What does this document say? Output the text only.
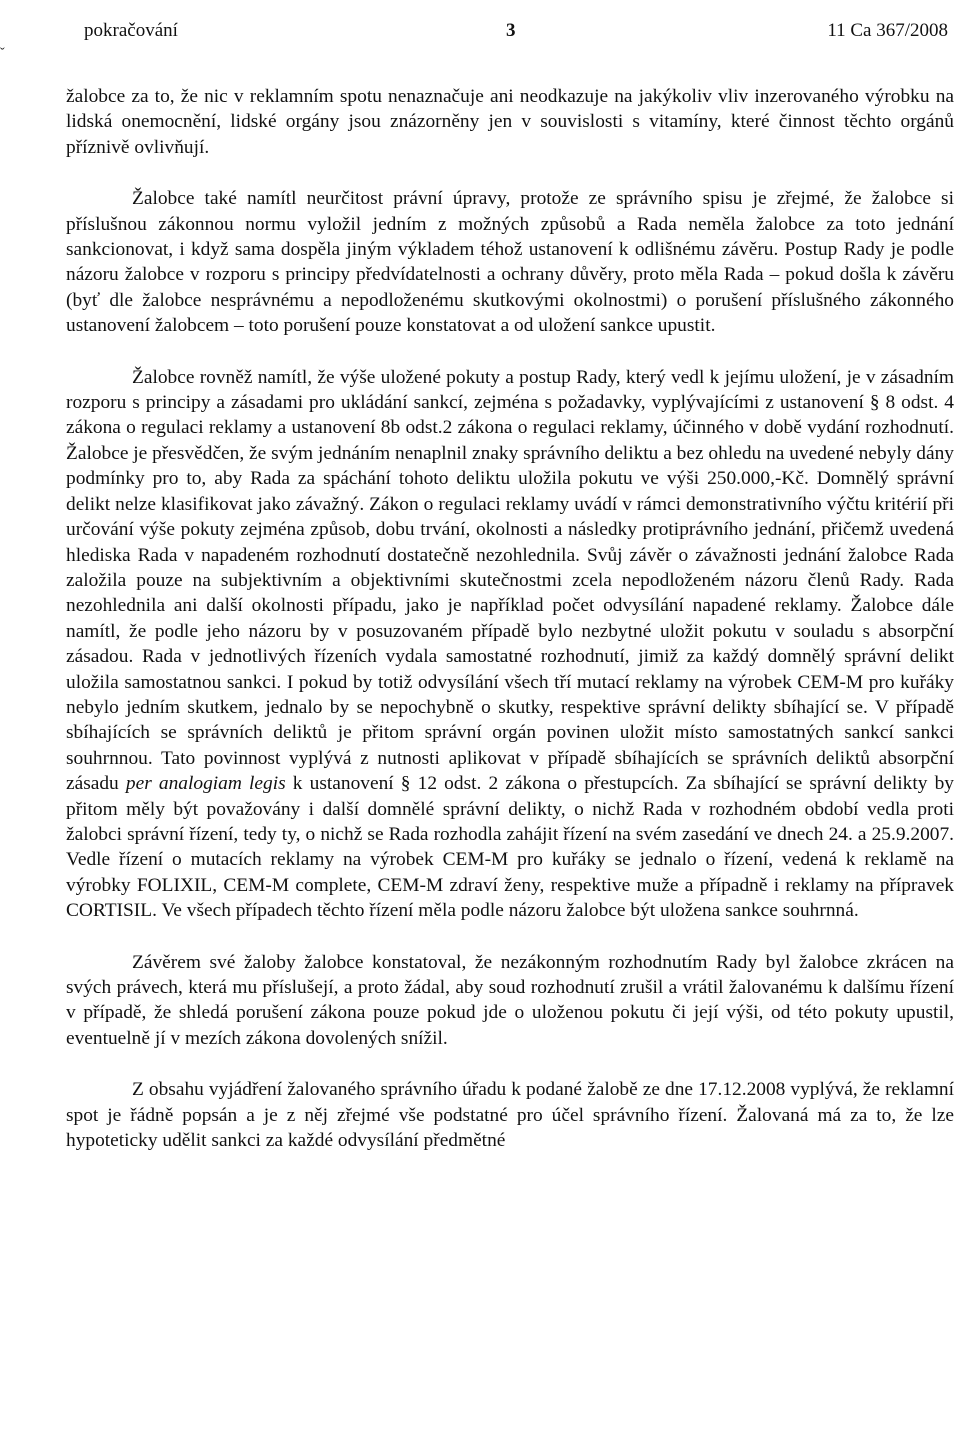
ˇ
pokračování	3	11 Ca 367/2008

žalobce za to, že nic v reklamním spotu nenaznačuje ani neodkazuje na jakýkoliv vliv inzerovaného výrobku na lidská onemocnění, lidské orgány jsou znázorněny jen v souvislosti s vitamíny, které činnost těchto orgánů příznivě ovlivňují.

Žalobce také namítl neurčitost právní úpravy, protože ze správního spisu je zřejmé, že žalobce si příslušnou zákonnou normu vyložil jedním z možných způsobů a Rada neměla žalobce za toto jednání sankcionovat, i když sama dospěla jiným výkladem téhož ustanovení k odlišnému závěru. Postup Rady je podle názoru žalobce v rozporu s principy předvídatelnosti a ochrany důvěry, proto měla Rada – pokud došla k závěru (byť dle žalobce nesprávnému a nepodloženému skutkovými okolnostmi) o porušení příslušného zákonného ustanovení žalobcem – toto porušení pouze konstatovat a od uložení sankce upustit.

Žalobce rovněž namítl, že výše uložené pokuty a postup Rady, který vedl k jejímu uložení, je v zásadním rozporu s principy a zásadami pro ukládání sankcí, zejména s požadavky, vyplývajícími z ustanovení § 8 odst. 4 zákona o regulaci reklamy a ustanovení 8b odst.2 zákona o regulaci reklamy, účinného v době vydání rozhodnutí. Žalobce je přesvědčen, že svým jednáním nenaplnil znaky správního deliktu a bez ohledu na uvedené nebyly dány podmínky pro to, aby Rada za spáchání tohoto deliktu uložila pokutu ve výši 250.000,-Kč. Domnělý správní delikt nelze klasifikovat jako závažný. Zákon o regulaci reklamy uvádí v rámci demonstrativního výčtu kritérií při určování výše pokuty zejména způsob, dobu trvání, okolnosti a následky protiprávního jednání, přičemž uvedená hlediska Rada v napadeném rozhodnutí dostatečně nezohlednila. Svůj závěr o závažnosti jednání žalobce Rada založila pouze na subjektivním a objektivními skutečnostmi zcela nepodloženém názoru členů Rady. Rada nezohlednila ani další okolnosti případu, jako je například počet odvysílání napadené reklamy. Žalobce dále namítl, že podle jeho názoru by v posuzovaném případě bylo nezbytné uložit pokutu v souladu s absorpční zásadou. Rada v jednotlivých řízeních vydala samostatné rozhodnutí, jimiž za každý domnělý správní delikt uložila samostatnou sankci. I pokud by totiž odvysílání všech tří mutací reklamy na výrobek CEM-M pro kuřáky nebylo jedním skutkem, jednalo by se nepochybně o skutky, respektive správní delikty sbíhající se. V případě sbíhajících se správních deliktů je přitom správní orgán povinen uložit místo samostatných sankcí sankci souhrnnou. Tato povinnost vyplývá z nutnosti aplikovat v případě sbíhajících se správních deliktů absorpční zásadu per analogiam legis k ustanovení § 12 odst. 2 zákona o přestupcích. Za sbíhající se správní delikty by přitom měly být považovány i další domnělé správní delikty, o nichž Rada v rozhodném období vedla proti žalobci správní řízení, tedy ty, o nichž se Rada rozhodla zahájit řízení na svém zasedání ve dnech 24. a 25.9.2007. Vedle řízení o mutacích reklamy na výrobek CEM-M pro kuřáky se jednalo o řízení, vedená k reklamě na výrobky FOLIXIL, CEM-M complete, CEM-M zdraví ženy, respektive muže a případně i reklamy na přípravek CORTISIL. Ve všech případech těchto řízení měla podle názoru žalobce být uložena sankce souhrnná.

Závěrem své žaloby žalobce konstatoval, že nezákonným rozhodnutím Rady byl žalobce zkrácen na svých právech, která mu příslušejí, a proto žádal, aby soud rozhodnutí zrušil a vrátil žalovanému k dalšímu řízení v případě, že shledá porušení zákona pouze pokud jde o uloženou pokutu či její výši, od této pokuty upustil, eventuelně jí v mezích zákona dovolených snížil.

Z obsahu vyjádření žalovaného správního úřadu k podané žalobě ze dne 17.12.2008 vyplývá, že reklamní spot je řádně popsán a je z něj zřejmé vše podstatné pro účel správního řízení. Žalovaná má za to, že lze hypoteticky udělit sankci za každé odvysílání předmětné
